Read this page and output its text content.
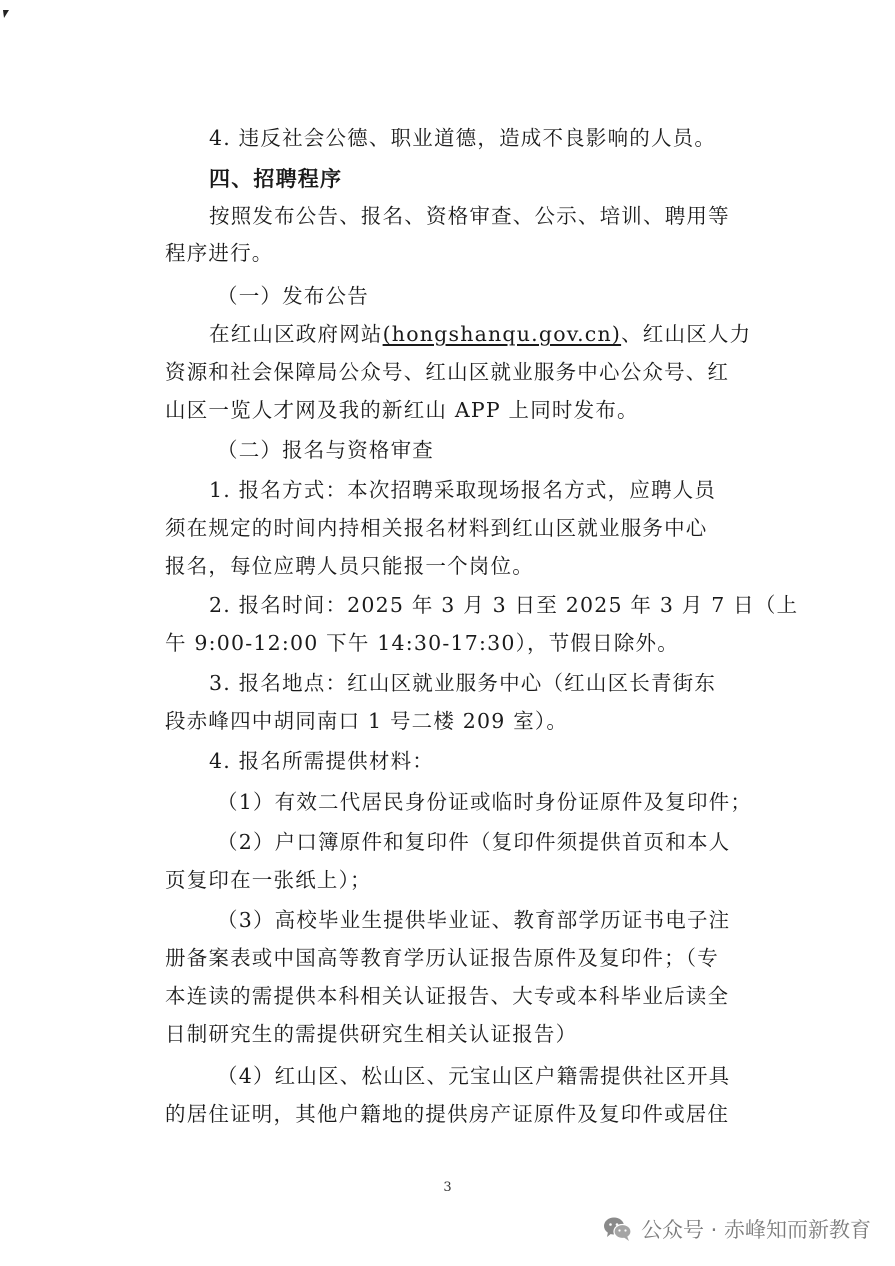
4. 违反社会公德、职业道德，造成不良影响的人员。
四、招聘程序
按照发布公告、报名、资格审查、公示、培训、聘用等
程序进行。
（一）发布公告
在红山区政府网站(hongshanqu.gov.cn)、红山区人力
资源和社会保障局公众号、红山区就业服务中心公众号、红
山区一览人才网及我的新红山 APP 上同时发布。
（二）报名与资格审查
1. 报名方式：本次招聘采取现场报名方式，应聘人员
须在规定的时间内持相关报名材料到红山区就业服务中心
报名，每位应聘人员只能报一个岗位。
2. 报名时间：2025 年 3 月 3 日至 2025 年 3 月 7 日（上
午 9:00-12:00 下午 14:30-17:30），节假日除外。
3. 报名地点：红山区就业服务中心（红山区长青街东
段赤峰四中胡同南口 1 号二楼 209 室）。
4. 报名所需提供材料：
（1）有效二代居民身份证或临时身份证原件及复印件；
（2）户口簿原件和复印件（复印件须提供首页和本人
页复印在一张纸上）；
（3）高校毕业生提供毕业证、教育部学历证书电子注
册备案表或中国高等教育学历认证报告原件及复印件；（专
本连读的需提供本科相关认证报告、大专或本科毕业后读全
日制研究生的需提供研究生相关认证报告）
（4）红山区、松山区、元宝山区户籍需提供社区开具
的居住证明，其他户籍地的提供房产证原件及复印件或居住
3
公众号 · 赤峰知而新教育
